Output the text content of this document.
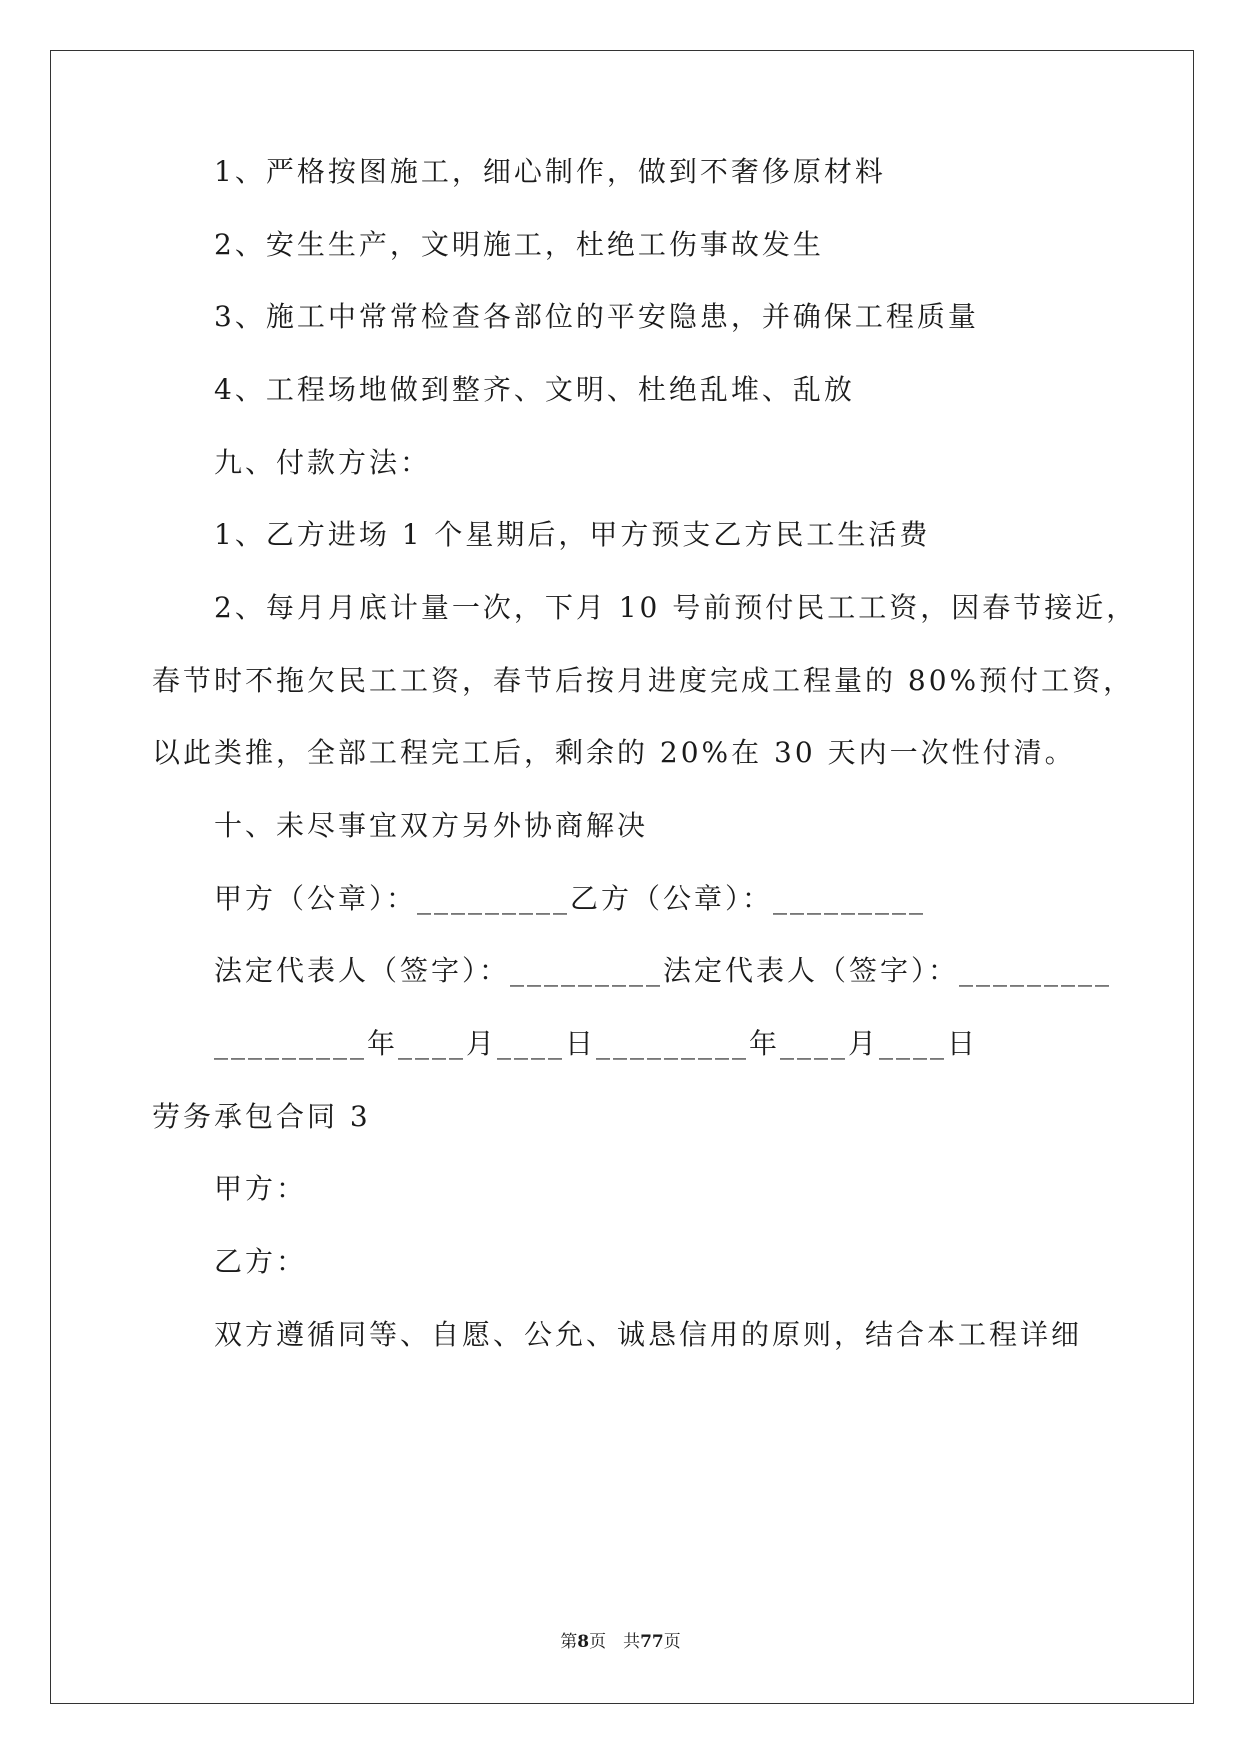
1、严格按图施工，细心制作，做到不奢侈原材料
2、安生生产，文明施工，杜绝工伤事故发生
3、施工中常常检查各部位的平安隐患，并确保工程质量
4、工程场地做到整齐、文明、杜绝乱堆、乱放
九、付款方法：
1、乙方进场 1 个星期后，甲方预支乙方民工生活费
2、每月月底计量一次，下月 10 号前预付民工工资，因春节接近，
春节时不拖欠民工工资，春节后按月进度完成工程量的 80%预付工资，
以此类推，全部工程完工后，剩余的 20%在 30 天内一次性付清。
十、未尽事宜双方另外协商解决
甲方（公章）：_________乙方（公章）：_________
法定代表人（签字）：_________法定代表人（签字）：_________
_________年____月____日_________年____月____日
劳务承包合同 3
甲方：
乙方：
双方遵循同等、自愿、公允、诚恳信用的原则，结合本工程详细
第8页　共77页
